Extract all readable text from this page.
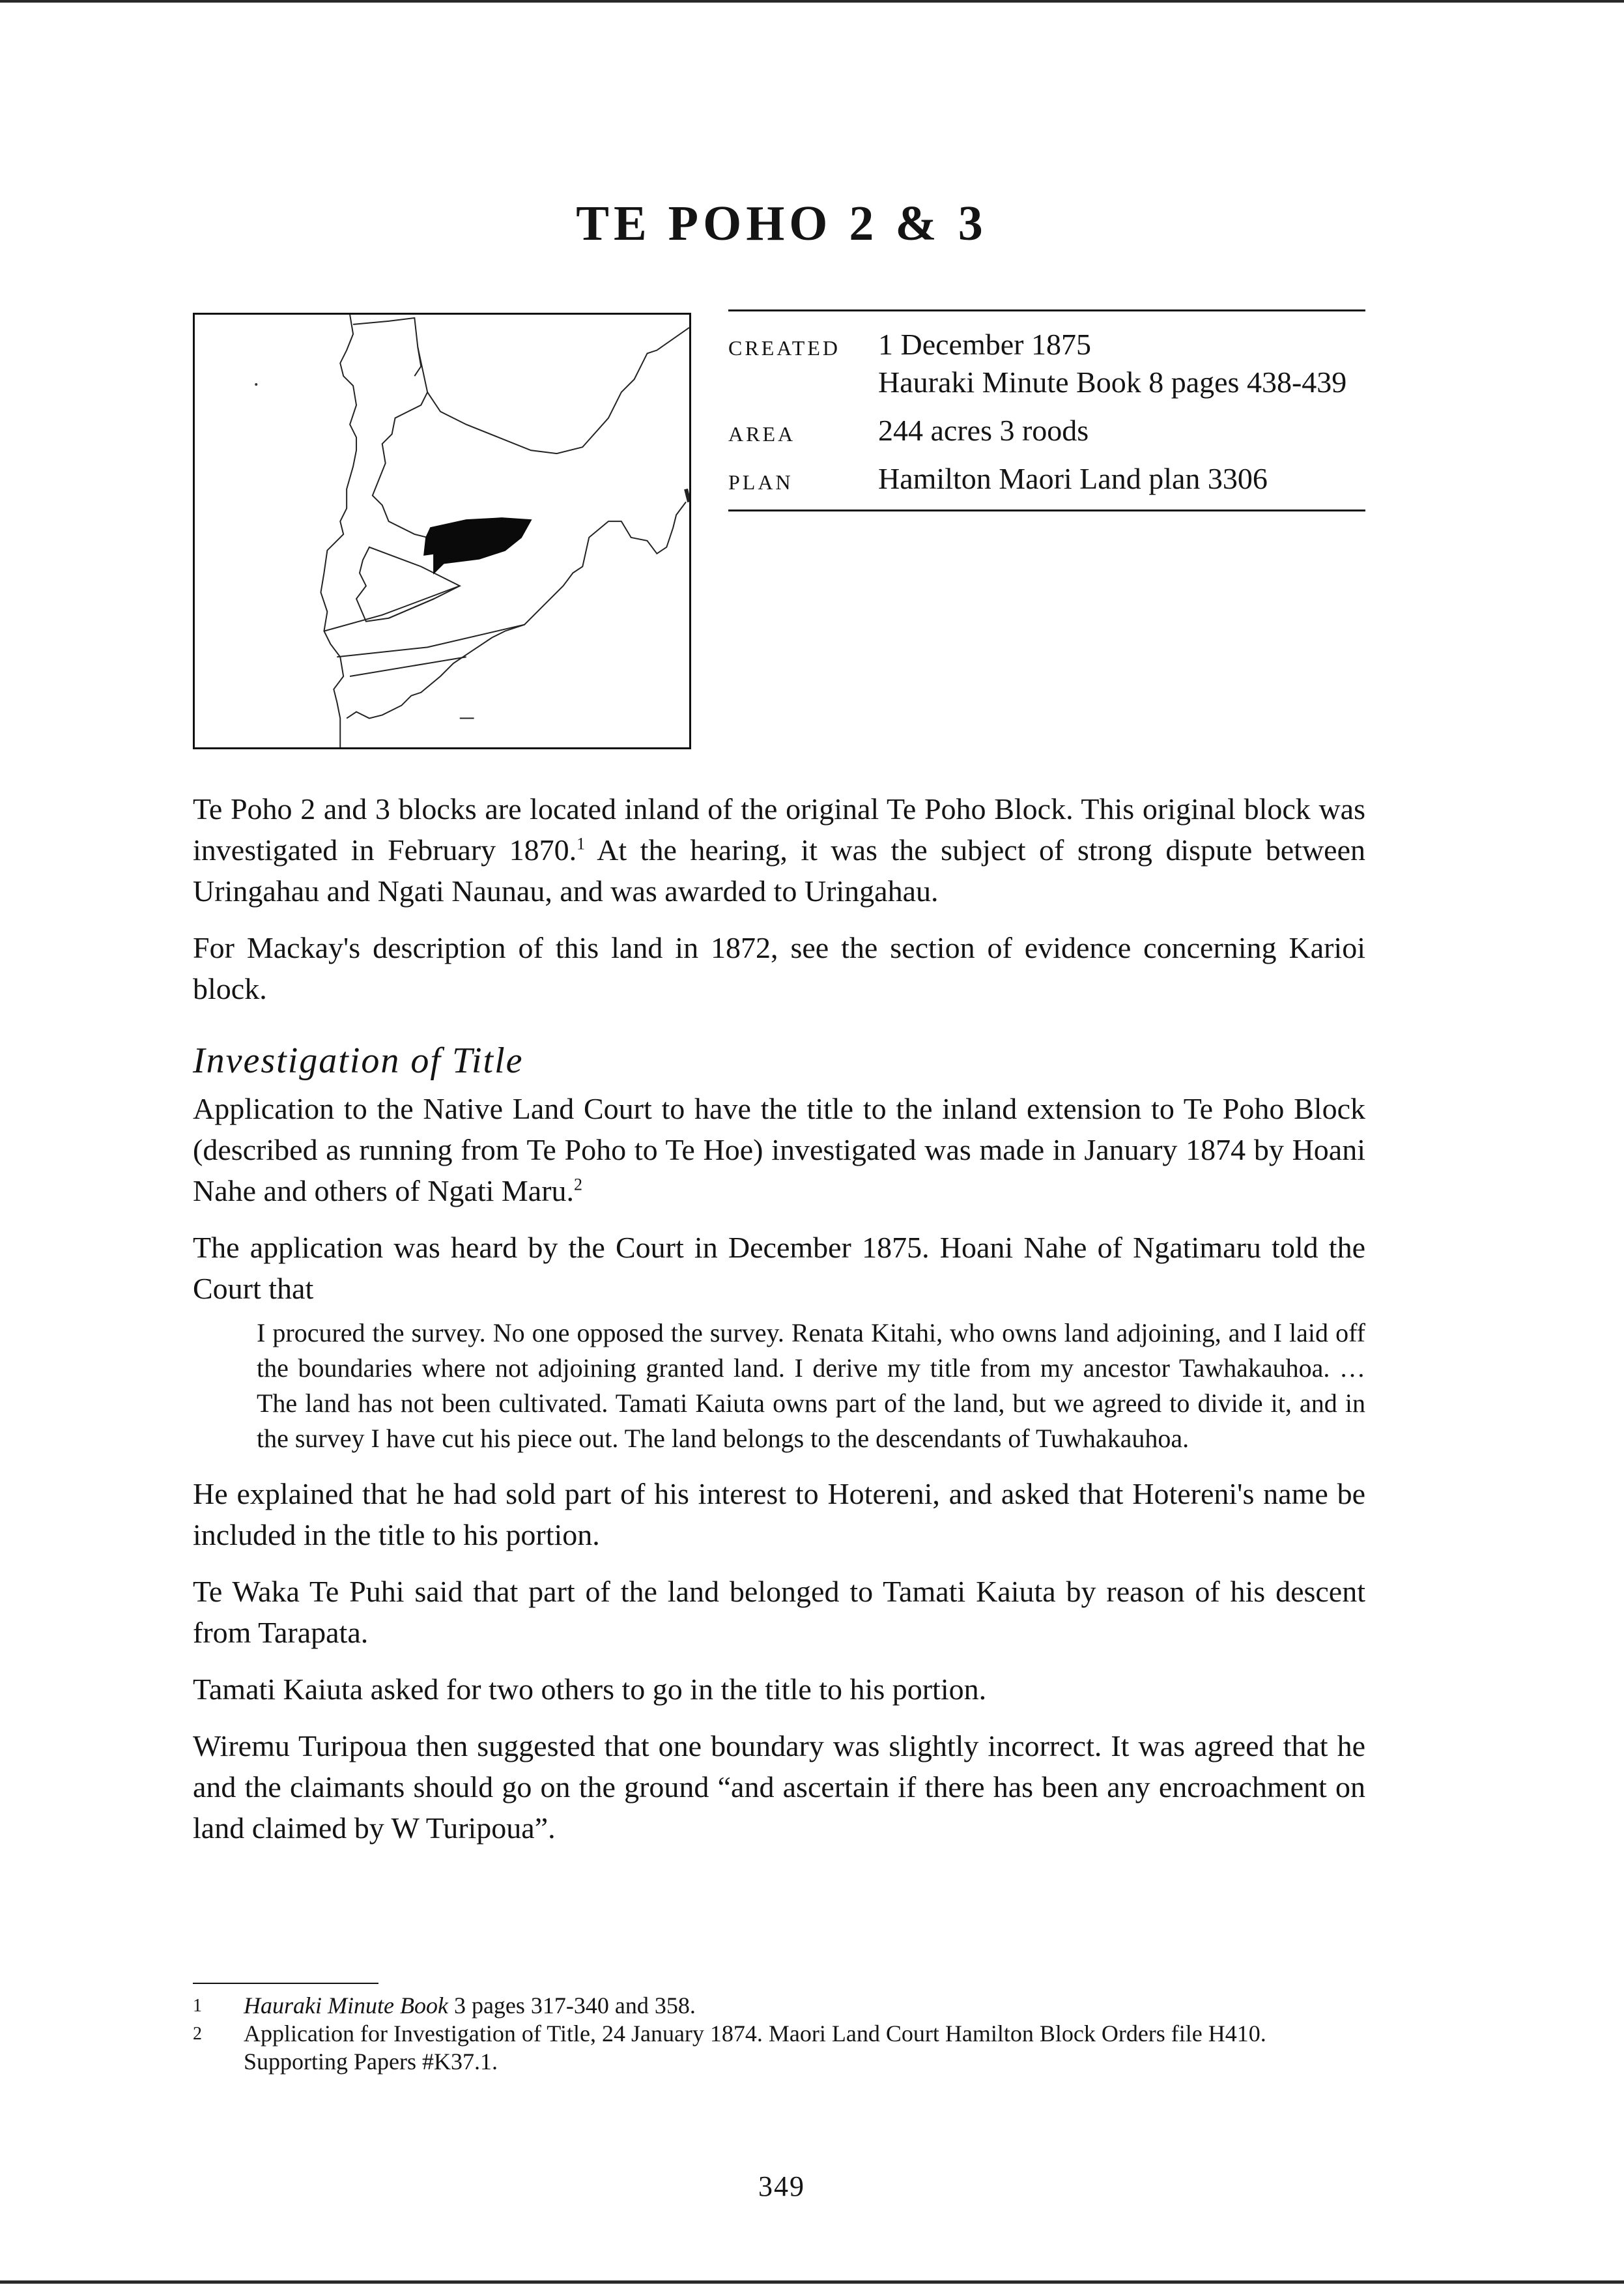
TE POHO 2 & 3
CREATED	1 December 1875
Hauraki Minute Book 8 pages 438-439
AREA	244 acres 3 roods
PLAN	Hamilton Maori Land plan 3306

Te Poho 2 and 3 blocks are located inland of the original Te Poho Block. This original block was investigated in February 1870.$^1$ At the hearing, it was the subject of strong dispute between Uringahau and Ngati Naunau, and was awarded to Uringahau.

For Mackay's description of this land in 1872, see the section of evidence concerning Karioi block.

Investigation of Title

Application to the Native Land Court to have the title to the inland extension to Te Poho Block (described as running from Te Poho to Te Hoe) investigated was made in January 1874 by Hoani Nahe and others of Ngati Maru.$^2$

The application was heard by the Court in December 1875. Hoani Nahe of Ngatimaru told the Court that

I procured the survey. No one opposed the survey. Renata Kitahi, who owns land adjoining, and I laid off the boundaries where not adjoining granted land. I derive my title from my ancestor Tawhakauhoa. … The land has not been cultivated. Tamati Kaiuta owns part of the land, but we agreed to divide it, and in the survey I have cut his piece out. The land belongs to the descendants of Tuwhakauhoa.

He explained that he had sold part of his interest to Hotereni, and asked that Hotereni's name be included in the title to his portion.

Te Waka Te Puhi said that part of the land belonged to Tamati Kaiuta by reason of his descent from Tarapata.

Tamati Kaiuta asked for two others to go in the title to his portion.

Wiremu Turipoua then suggested that one boundary was slightly incorrect. It was agreed that he and the claimants should go on the ground “and ascertain if there has been any encroachment on land claimed by W Turipoua”.

1	Hauraki Minute Book 3 pages 317-340 and 358.
2	Application for Investigation of Title, 24 January 1874. Maori Land Court Hamilton Block Orders file H410. Supporting Papers #K37.1.
349
